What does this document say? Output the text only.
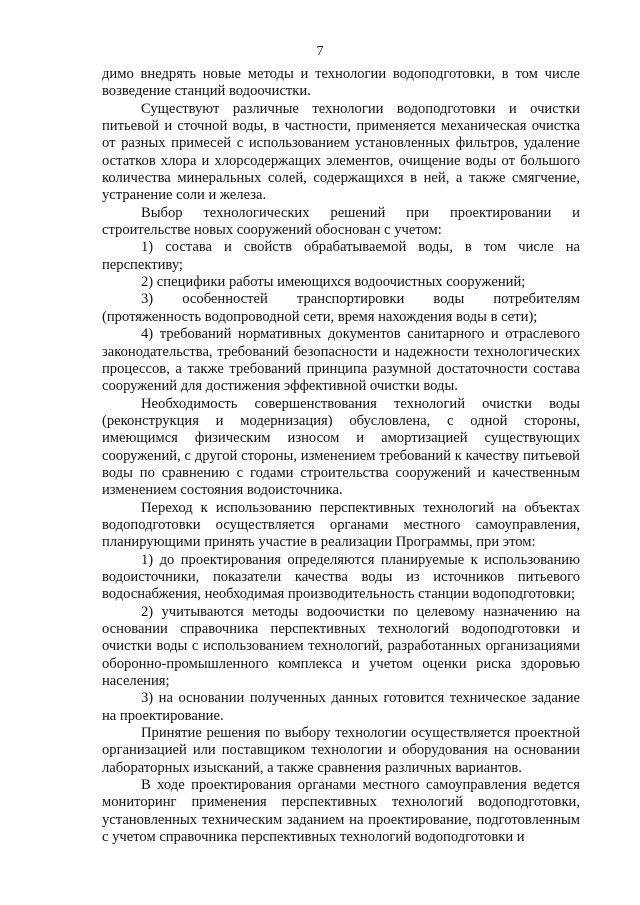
7

димо внедрять новые методы и технологии водоподготовки, в том числе возведение станций водоочистки.

Существуют различные технологии водоподготовки и очистки питьевой и сточной воды, в частности, применяется механическая очистка от разных примесей с использованием установленных фильтров, удаление остатков хлора и хлорсодержащих элементов, очищение воды от большого количества минеральных солей, содержащихся в ней, а также смягчение, устранение соли и железа.

Выбор технологических решений при проектировании и строительстве новых сооружений обоснован с учетом:

1) состава и свойств обрабатываемой воды, в том числе на перспективу;

2) специфики работы имеющихся водоочистных сооружений;

3) особенностей транспортировки воды потребителям (протяженность водопроводной сети, время нахождения воды в сети);

4) требований нормативных документов санитарного и отраслевого законодательства, требований безопасности и надежности технологических процессов, а также требований принципа разумной достаточности состава сооружений для достижения эффективной очистки воды.

Необходимость совершенствования технологий очистки воды (реконструкция и модернизация) обусловлена, с одной стороны, имеющимся физическим износом и амортизацией существующих сооружений, с другой стороны, изменением требований к качеству питьевой воды по сравнению с годами строительства сооружений и качественным изменением состояния водоисточника.

Переход к использованию перспективных технологий на объектах водоподготовки осуществляется органами местного самоуправления, планирующими принять участие в реализации Программы, при этом:

1) до проектирования определяются планируемые к использованию водоисточники, показатели качества воды из источников питьевого водоснабжения, необходимая производительность станции водоподготовки;

2) учитываются методы водоочистки по целевому назначению на основании справочника перспективных технологий водоподготовки и очистки воды с использованием технологий, разработанных организациями оборонно-промышленного комплекса и учетом оценки риска здоровью населения;

3) на основании полученных данных готовится техническое задание на проектирование.

Принятие решения по выбору технологии осуществляется проектной организацией или поставщиком технологии и оборудования на основании лабораторных изысканий, а также сравнения различных вариантов.

В ходе проектирования органами местного самоуправления ведется мониторинг применения перспективных технологий водоподготовки, установленных техническим заданием на проектирование, подготовленным с учетом справочника перспективных технологий водоподготовки и
